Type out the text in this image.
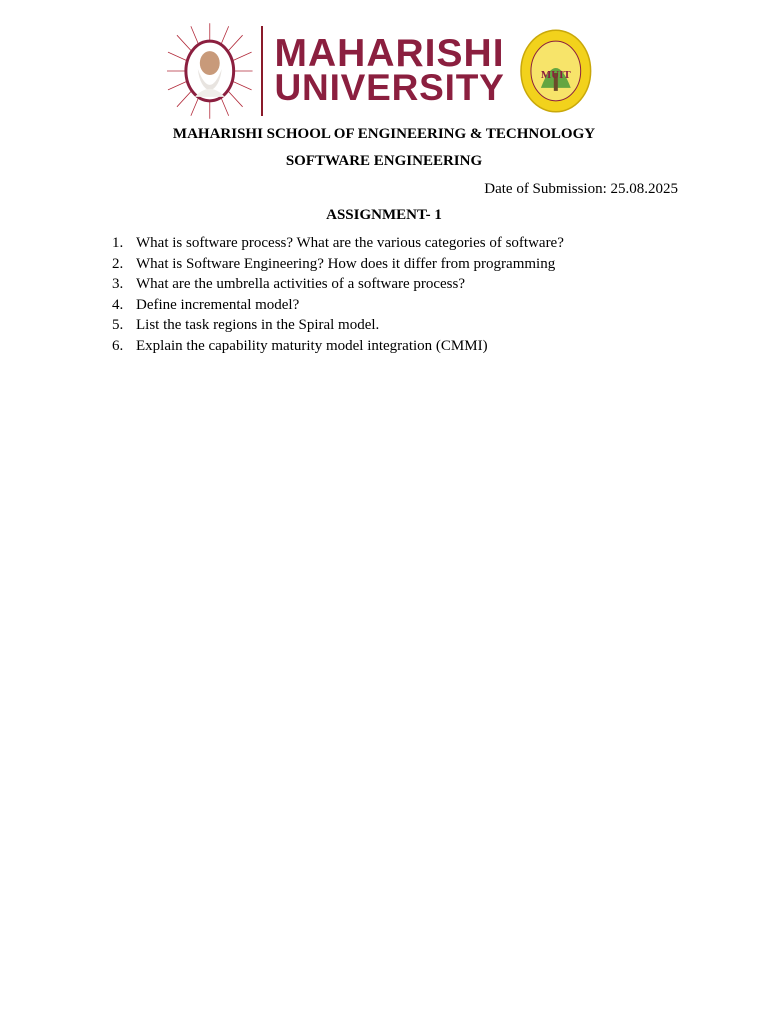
MAHARISHI
UNIVERSITY	MUIT
MAHARISHI SCHOOL OF ENGINEERING & TECHNOLOGY
SOFTWARE ENGINEERING
Date of Submission: 25.08.2025
ASSIGNMENT- 1
1. What is software process? What are the various categories of software?
2. What is Software Engineering? How does it differ from programming
3. What are the umbrella activities of a software process?
4. Define incremental model?
5. List the task regions in the Spiral model.
6. Explain the capability maturity model integration (CMMI)
